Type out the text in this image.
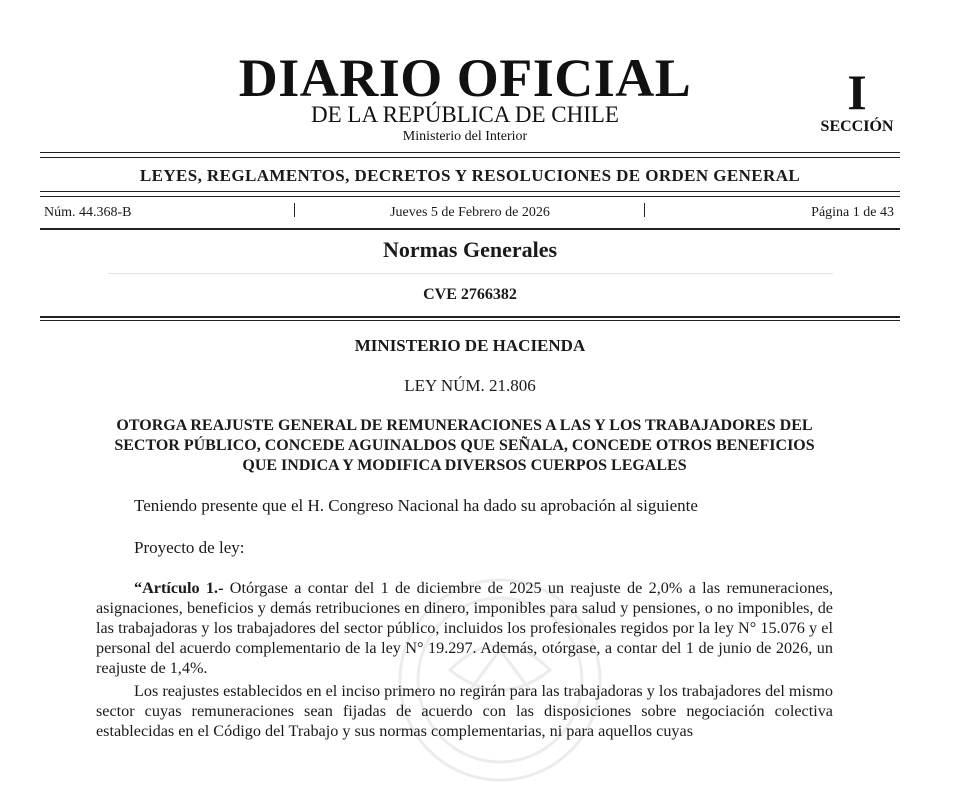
DIARIO OFICIAL
DE LA REPÚBLICA DE CHILE
Ministerio del Interior
I
SECCIÓN
LEYES, REGLAMENTOS, DECRETOS Y RESOLUCIONES DE ORDEN GENERAL
Núm. 44.368-B	Jueves 5 de Febrero de 2026	Página 1 de 43
Normas Generales
CVE 2766382
MINISTERIO DE HACIENDA
LEY NÚM. 21.806
OTORGA REAJUSTE GENERAL DE REMUNERACIONES A LAS Y LOS TRABAJADORES DEL SECTOR PÚBLICO, CONCEDE AGUINALDOS QUE SEÑALA, CONCEDE OTROS BENEFICIOS QUE INDICA Y MODIFICA DIVERSOS CUERPOS LEGALES
Teniendo presente que el H. Congreso Nacional ha dado su aprobación al siguiente
Proyecto de ley:
“Artículo 1.- Otórgase a contar del 1 de diciembre de 2025 un reajuste de 2,0% a las remuneraciones, asignaciones, beneficios y demás retribuciones en dinero, imponibles para salud y pensiones, o no imponibles, de las trabajadoras y los trabajadores del sector público, incluidos los profesionales regidos por la ley N° 15.076 y el personal del acuerdo complementario de la ley N° 19.297. Además, otórgase, a contar del 1 de junio de 2026, un reajuste de 1,4%.
Los reajustes establecidos en el inciso primero no regirán para las trabajadoras y los trabajadores del mismo sector cuyas remuneraciones sean fijadas de acuerdo con las disposiciones sobre negociación colectiva establecidas en el Código del Trabajo y sus normas complementarias, ni para aquellos cuyas
